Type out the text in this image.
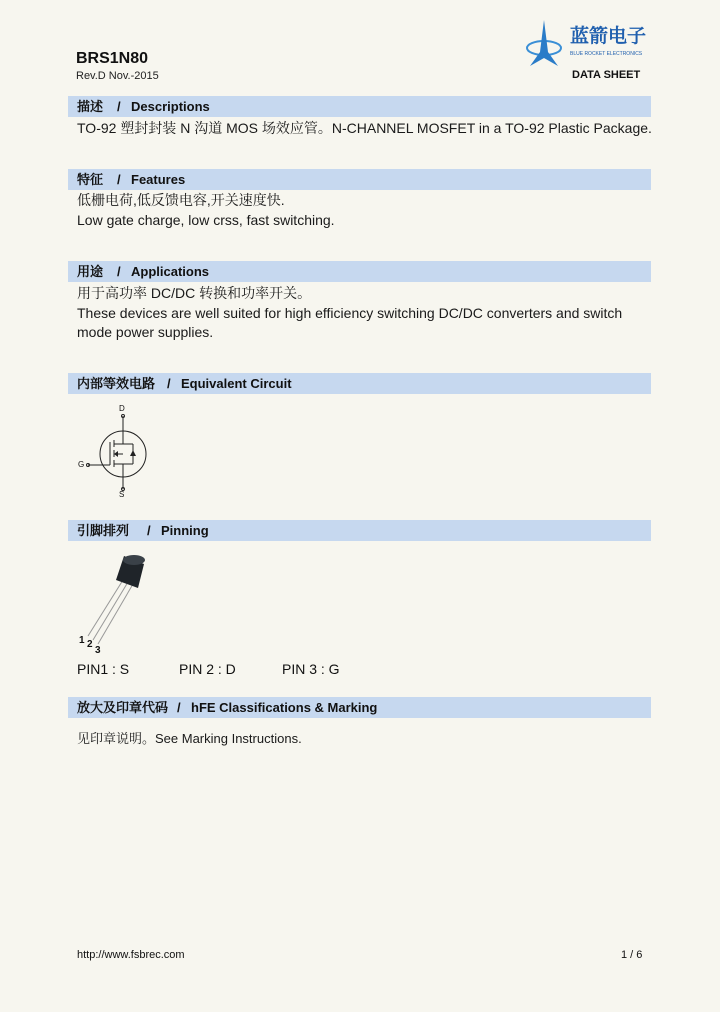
BRS1N80
Rev.D Nov.-2015
蓝箭电子
BLUE ROCKET ELECTRONICS
DATA SHEET
描述 / Descriptions
TO-92 塑封封装 N 沟道 MOS 场效应管。N-CHANNEL MOSFET in a TO-92 Plastic Package.
特征 / Features
低栅电荷,低反馈电容,开关速度快.
Low gate charge, low crss, fast switching.
用途 / Applications
用于高功率 DC/DC 转换和功率开关。
These devices are well suited for high efficiency switching DC/DC converters and switch
mode power supplies.
内部等效电路 / Equivalent Circuit
D
G
S
引脚排列 / Pinning
1 2
3
PIN1 : S	PIN 2 : D	PIN 3 : G
放大及印章代码 / hFE Classifications & Marking
见印章说明。See Marking Instructions.
http://www.fsbrec.com	1 / 6
